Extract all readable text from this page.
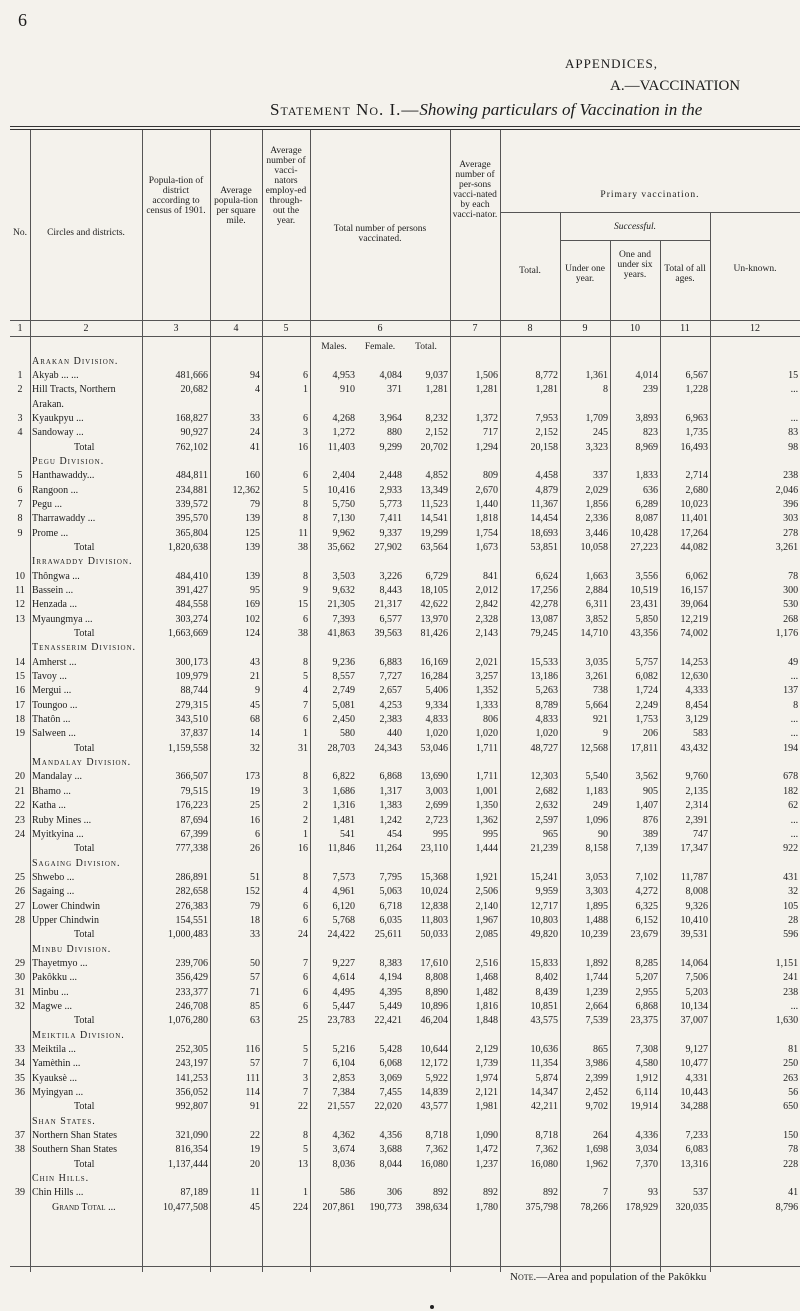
6
APPENDICES,
A.—VACCINATION
Statement No. I.—Showing particulars of Vaccination in the
No.	Circles and districts.
Popula-tion of district according to census of 1901.
Average popula-tion per square mile.
Average number of vacci-nators employ-ed through-out the year.
Total number of persons vaccinated.
Average number of per-sons vacci-nated by each vacci-nator.
Primary vaccination.
Successful.
Total.	Under one year.
One and under six years.
Total of all ages.
Un-known.
1	2	3	4	5	6	7	8	9	10	11	12
Males.	Female.	Total.

Arakan Division.													
1	Akyab ... ...	481,666	94	6	4,953	4,084	9,037	1,506	8,772	1,361	4,014	6,567	15
2	Hill Tracts, Northern	20,682	4	1	910	371	1,281	1,281	1,281	8	239	1,228	...
	Arakan.												
3	Kyaukpyu ...	168,827	33	6	4,268	3,964	8,232	1,372	7,953	1,709	3,893	6,963	...
4	Sandoway ...	90,927	24	3	1,272	880	2,152	717	2,152	245	823	1,735	83
	Total	762,102	41	16	11,403	9,299	20,702	1,294	20,158	3,323	8,969	16,493	98
Pegu Division.													
5	Hanthawaddy...	484,811	160	6	2,404	2,448	4,852	809	4,458	337	1,833	2,714	238
6	Rangoon ...	234,881	12,362	5	10,416	2,933	13,349	2,670	4,879	2,029	636	2,680	2,046
7	Pegu ...	339,572	79	8	5,750	5,773	11,523	1,440	11,367	1,856	6,289	10,023	396
8	Tharrawaddy ...	395,570	139	8	7,130	7,411	14,541	1,818	14,454	2,336	8,087	11,401	303
9	Prome ...	365,804	125	11	9,962	9,337	19,299	1,754	18,693	3,446	10,428	17,264	278
	Total	1,820,638	139	38	35,662	27,902	63,564	1,673	53,851	10,058	27,223	44,082	3,261
Irrawaddy Division.													
10	Thôngwa ...	484,410	139	8	3,503	3,226	6,729	841	6,624	1,663	3,556	6,062	78
11	Bassein ...	391,427	95	9	9,632	8,443	18,105	2,012	17,256	2,884	10,519	16,157	300
12	Henzada ...	484,558	169	15	21,305	21,317	42,622	2,842	42,278	6,311	23,431	39,064	530
13	Myaungmya ...	303,274	102	6	7,393	6,577	13,970	2,328	13,087	3,852	5,850	12,219	268
	Total	1,663,669	124	38	41,863	39,563	81,426	2,143	79,245	14,710	43,356	74,002	1,176
Tenasserim Division.													
14	Amherst ...	300,173	43	8	9,236	6,883	16,169	2,021	15,533	3,035	5,757	14,253	49
15	Tavoy ...	109,979	21	5	8,557	7,727	16,284	3,257	13,186	3,261	6,082	12,630	...
16	Mergui ...	88,744	9	4	2,749	2,657	5,406	1,352	5,263	738	1,724	4,333	137
17	Toungoo ...	279,315	45	7	5,081	4,253	9,334	1,333	8,789	5,664	2,249	8,454	8
18	Thatôn ...	343,510	68	6	2,450	2,383	4,833	806	4,833	921	1,753	3,129	...
19	Salween ...	37,837	14	1	580	440	1,020	1,020	1,020	9	206	583	...
	Total	1,159,558	32	31	28,703	24,343	53,046	1,711	48,727	12,568	17,811	43,432	194
Mandalay Division.													
20	Mandalay ...	366,507	173	8	6,822	6,868	13,690	1,711	12,303	5,540	3,562	9,760	678
21	Bhamo ...	79,515	19	3	1,686	1,317	3,003	1,001	2,682	1,183	905	2,135	182
22	Katha ...	176,223	25	2	1,316	1,383	2,699	1,350	2,632	249	1,407	2,314	62
23	Ruby Mines ...	87,694	16	2	1,481	1,242	2,723	1,362	2,597	1,096	876	2,391	...
24	Myitkyina ...	67,399	6	1	541	454	995	995	965	90	389	747	...
	Total	777,338	26	16	11,846	11,264	23,110	1,444	21,239	8,158	7,139	17,347	922
Sagaing Division.													
25	Shwebo ...	286,891	51	8	7,573	7,795	15,368	1,921	15,241	3,053	7,102	11,787	431
26	Sagaing ...	282,658	152	4	4,961	5,063	10,024	2,506	9,959	3,303	4,272	8,008	32
27	Lower Chindwin	276,383	79	6	6,120	6,718	12,838	2,140	12,717	1,895	6,325	9,326	105
28	Upper Chindwin	154,551	18	6	5,768	6,035	11,803	1,967	10,803	1,488	6,152	10,410	28
	Total	1,000,483	33	24	24,422	25,611	50,033	2,085	49,820	10,239	23,679	39,531	596
Minbu Division.													
29	Thayetmyo ...	239,706	50	7	9,227	8,383	17,610	2,516	15,833	1,892	8,285	14,064	1,151
30	Pakôkku ...	356,429	57	6	4,614	4,194	8,808	1,468	8,402	1,744	5,207	7,506	241
31	Minbu ...	233,377	71	6	4,495	4,395	8,890	1,482	8,439	1,239	2,955	5,203	238
32	Magwe ...	246,708	85	6	5,447	5,449	10,896	1,816	10,851	2,664	6,868	10,134	...
	Total	1,076,280	63	25	23,783	22,421	46,204	1,848	43,575	7,539	23,375	37,007	1,630
Meiktila Division.													
33	Meiktila ...	252,305	116	5	5,216	5,428	10,644	2,129	10,636	865	7,308	9,127	81
34	Yamèthin ...	243,197	57	7	6,104	6,068	12,172	1,739	11,354	3,986	4,580	10,477	250
35	Kyauksè ...	141,253	111	3	2,853	3,069	5,922	1,974	5,874	2,399	1,912	4,331	263
36	Myingyan ...	356,052	114	7	7,384	7,455	14,839	2,121	14,347	2,452	6,114	10,443	56
	Total	992,807	91	22	21,557	22,020	43,577	1,981	42,211	9,702	19,914	34,288	650
Shan States.													
37	Northern Shan States	321,090	22	8	4,362	4,356	8,718	1,090	8,718	264	4,336	7,233	150
38	Southern Shan States	816,354	19	5	3,674	3,688	7,362	1,472	7,362	1,698	3,034	6,083	78
	Total	1,137,444	20	13	8,036	8,044	16,080	1,237	16,080	1,962	7,370	13,316	228
Chin Hills.													
39	Chin Hills ...	87,189	11	1	586	306	892	892	892	7	93	537	41
	Grand Total ...	10,477,508	45	224	207,861	190,773	398,634	1,780	375,798	78,266	178,929	320,035	8,796
Note.—Area and population of the Pakôkku
